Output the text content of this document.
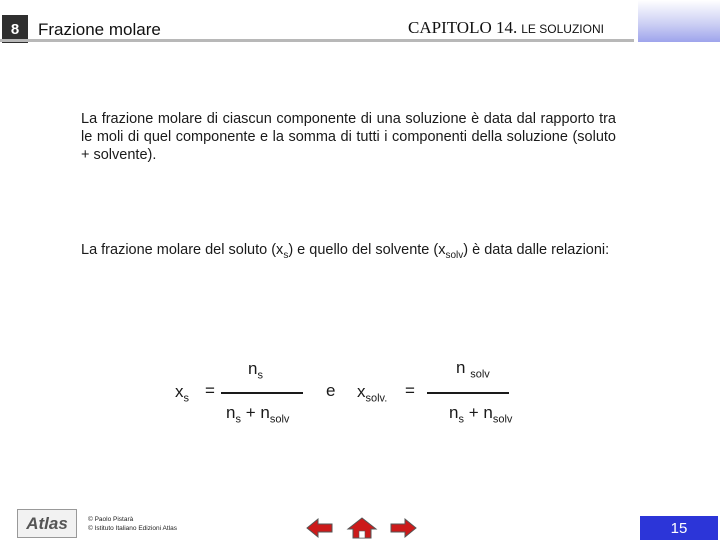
8	Frazione molare	CAPITOLO 14. LE SOLUZIONI
La frazione molare di ciascun componente di una soluzione è data dal rapporto tra le moli di quel componente e la somma di tutti i componenti della soluzione (soluto + solvente).
La frazione molare del soluto $(x_s)$ e quello del solvente $(x_{solv})$ è data dalle relazioni:
$x_s$ =
$n_s$
$n_s + n_{solv}$
e $x_{solv.}$ =
n $_{solv}$
$n_s + n_{solv}$
Atlas	© Paolo Pistarà
© Istituto Italiano Edizioni Atlas	15
